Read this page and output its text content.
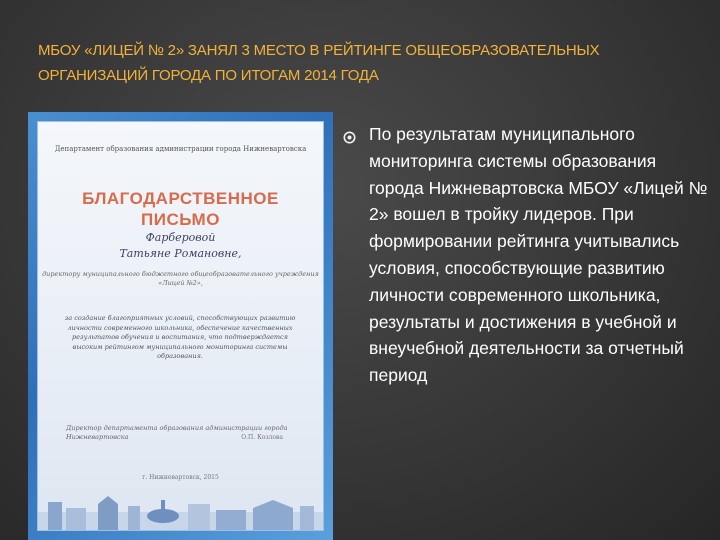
МБОУ «ЛИЦЕЙ № 2» ЗАНЯЛ 3 МЕСТО В РЕЙТИНГЕ ОБЩЕОБРАЗОВАТЕЛЬНЫХ ОРГАНИЗАЦИЙ ГОРОДА ПО ИТОГАМ 2014 ГОДА
Департамент образования администрации города Нижневартовска
БЛАГОДАРСТВЕННОЕ
ПИСЬМО
Фарберовой
Татьяне Романовне,
директору муниципального бюджетного общеобразовательного учреждения «Лицей №2»,
за создание благоприятных условий, способствующих развитию личности современного школьника, обеспечение качественных результатов обучения и воспитания, что подтверждается высоким рейтингом муниципального мониторинга системы образования.
Директор департамента образования администрации города Нижневартовска	О.П. Козлова
г. Нижневартовск, 2015

По результатам муниципального мониторинга системы образования города Нижневартовска МБОУ «Лицей № 2» вошел в тройку лидеров. При формировании рейтинга учитывались условия, способствующие развитию личности современного школьника, результаты и достижения в учебной и внеучебной деятельности за отчетный период
